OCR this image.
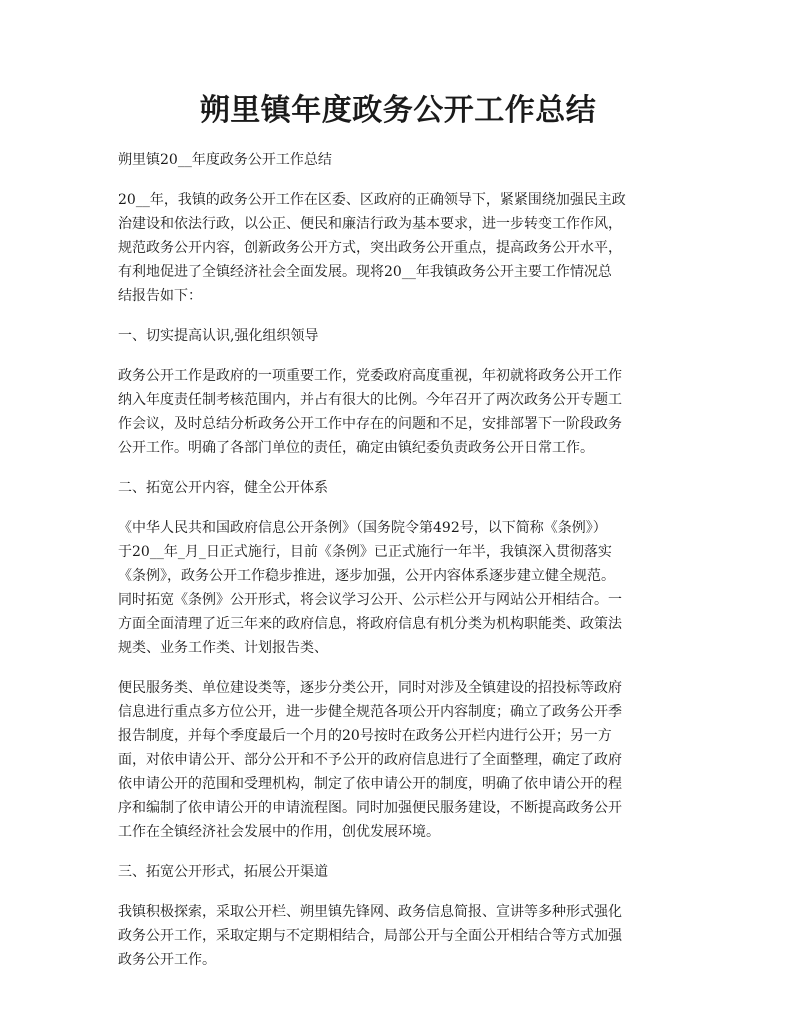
朔里镇年度政务公开工作总结
朔里镇20__年度政务公开工作总结
20__年，我镇的政务公开工作在区委、区政府的正确领导下，紧紧围绕加强民主政
治建设和依法行政，以公正、便民和廉洁行政为基本要求，进一步转变工作作风，
规范政务公开内容，创新政务公开方式，突出政务公开重点，提高政务公开水平，
有利地促进了全镇经济社会全面发展。现将20__年我镇政务公开主要工作情况总
结报告如下：
一、切实提高认识,强化组织领导
政务公开工作是政府的一项重要工作，党委政府高度重视，年初就将政务公开工作
纳入年度责任制考核范围内，并占有很大的比例。今年召开了两次政务公开专题工
作会议，及时总结分析政务公开工作中存在的问题和不足，安排部署下一阶段政务
公开工作。明确了各部门单位的责任，确定由镇纪委负责政务公开日常工作。
二、拓宽公开内容，健全公开体系
《中华人民共和国政府信息公开条例》（国务院令第492号，以下简称《条例》）
于20__年_月_日正式施行，目前《条例》已正式施行一年半，我镇深入贯彻落实
《条例》，政务公开工作稳步推进，逐步加强，公开内容体系逐步建立健全规范。
同时拓宽《条例》公开形式，将会议学习公开、公示栏公开与网站公开相结合。一
方面全面清理了近三年来的政府信息，将政府信息有机分类为机构职能类、政策法
规类、业务工作类、计划报告类、
便民服务类、单位建设类等，逐步分类公开，同时对涉及全镇建设的招投标等政府
信息进行重点多方位公开，进一步健全规范各项公开内容制度；确立了政务公开季
报告制度，并每个季度最后一个月的20号按时在政务公开栏内进行公开；另一方
面，对依申请公开、部分公开和不予公开的政府信息进行了全面整理，确定了政府
依申请公开的范围和受理机构，制定了依申请公开的制度，明确了依申请公开的程
序和编制了依申请公开的申请流程图。同时加强便民服务建设，不断提高政务公开
工作在全镇经济社会发展中的作用，创优发展环境。
三、拓宽公开形式，拓展公开渠道
我镇积极探索，采取公开栏、朔里镇先锋网、政务信息简报、宣讲等多种形式强化
政务公开工作，采取定期与不定期相结合，局部公开与全面公开相结合等方式加强
政务公开工作。
